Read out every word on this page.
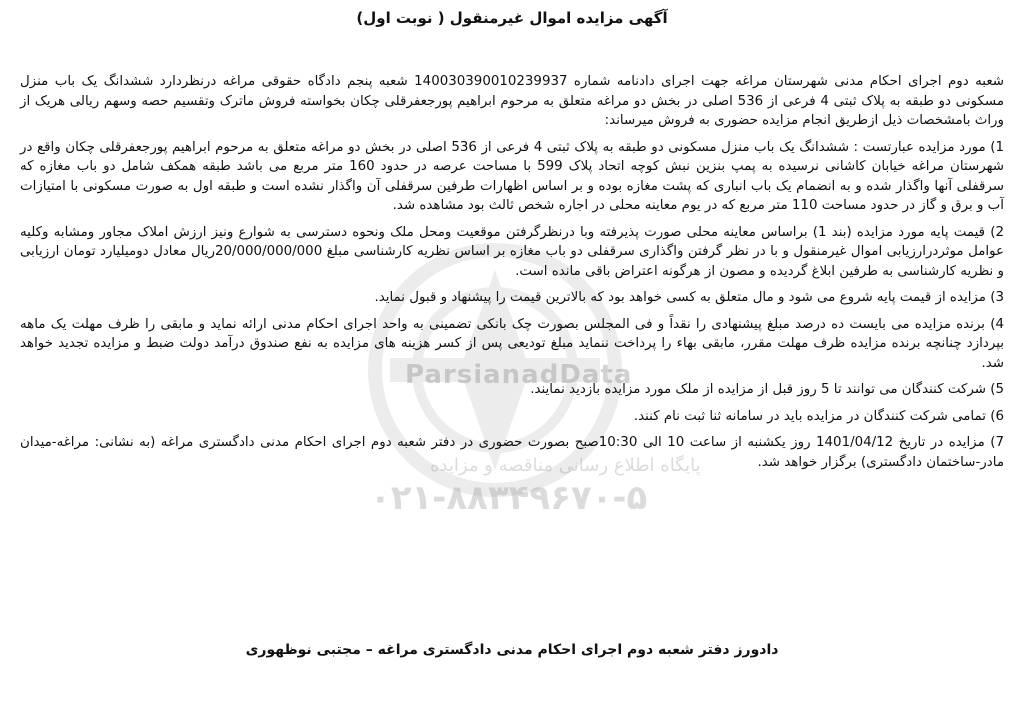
ParsianadData
پایگاه اطلاع رسانی مناقصه و مزایده
۰۲۱-۸۸۳۴۹۶۷۰-۵
آگهی مزایده اموال غیرمنقول ( نوبت اول)

شعبه دوم اجرای احکام مدنی شهرستان مراغه جهت اجرای دادنامه شماره 140030390010239937 شعبه پنجم دادگاه حقوقی مراغه درنظردارد ششدانگ یک باب منزل مسکونی دو طبقه به پلاک ثبتی 4 فرعی از 536 اصلی در بخش دو مراغه متعلق به مرحوم ابراهیم پورجعفرقلی چکان بخواسته فروش ماترک وتقسیم حصه وسهم ریالی هریک از وراث بامشخصات ذیل ازطریق انجام مزایده حضوری به فروش میرساند:

1) مورد مزایده عبارتست : ششدانگ یک باب منزل مسکونی دو طبقه به پلاک ثبتی 4 فرعی از 536 اصلی در بخش دو مراغه متعلق به مرحوم ابراهیم پورجعفرقلی چکان واقع در شهرستان مراغه خیابان کاشانی نرسیده به پمپ بنزین نبش کوچه اتحاد پلاک 599 با مساحت عرصه در حدود 160 متر مربع می باشد طبقه همکف شامل دو باب مغازه که سرقفلی آنها واگذار شده و به انضمام یک باب انباری که پشت مغازه بوده و بر اساس اظهارات طرفین سرقفلی آن واگذار نشده است و طبقه اول به صورت مسکونی با امتیازات آب و برق و گاز در حدود مساحت 110 متر مربع که در یوم معاینه محلی در اجاره شخص ثالث بود مشاهده شد.

2) قیمت پایه مورد مزایده (بند 1) براساس معاینه محلی صورت پذیرفته وبا درنظرگرفتن موقعیت ومحل ملک ونحوه دسترسی به شوارع ونیز ارزش املاک مجاور ومشابه وکلیه عوامل موثردرارزیابی اموال غیرمنقول و با در نظر گرفتن واگذاری سرقفلی دو باب مغازه بر اساس نظریه کارشناسی مبلغ 20/000/000/000ریال معادل دومیلیارد تومان ارزیابی و نظریه کارشناسی به طرفین ابلاغ گردیده و مصون از هرگونه اعتراض باقی مانده است.

3) مزایده از قیمت پایه شروع می شود و مال متعلق به کسی خواهد بود که بالاترین قیمت را پیشنهاد و قبول نماید.

4) برنده مزایده می بایست ده درصد مبلغ پیشنهادی را نقداً و فی المجلس بصورت چک بانکی تضمینی به واحد اجرای احکام مدنی ارائه نماید و مابقی را ظرف مهلت یک ماهه بپردازد چنانچه برنده مزایده ظرف مهلت مقرر، مابقی بهاء را پرداخت ننماید مبلغ تودیعی پس از کسر هزینه های مزایده به نفع صندوق درآمد دولت ضبط و مزایده تجدید خواهد شد.

5) شرکت کنندگان می توانند تا 5 روز قبل از مزایده از ملک مورد مزایده بازدید نمایند.

6) تمامی شرکت کنندگان در مزایده باید در سامانه ثنا ثبت نام کنند.

7) مزایده در تاریخ 1401/04/12 روز یکشنبه از ساعت 10 الی 10:30صبح بصورت حضوری در دفتر شعبه دوم اجرای احکام مدنی دادگستری مراغه (به نشانی: مراغه-میدان مادر-ساختمان دادگستری) برگزار خواهد شد.

دادورز دفتر شعبه دوم اجرای احکام مدنی دادگستری مراغه – مجتبی نوظهوری
